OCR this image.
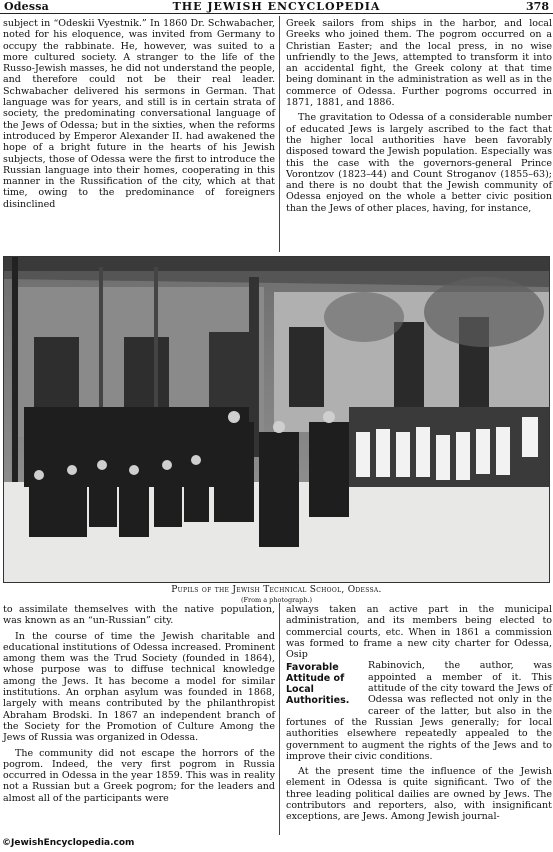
Odessa	THE JEWISH ENCYCLOPEDIA	378

subject in “Odeskii Vyestnik.” In 1860 Dr. Schwabacher, noted for his eloquence, was invited from Germany to occupy the rabbinate. He, however, was suited to a more cultured society. A stranger to the life of the Russo-Jewish masses, he did not understand the people, and therefore could not be their real leader. Schwabacher delivered his sermons in German. That language was for years, and still is in certain strata of society, the predominating conversational language of the Jews of Odessa; but in the sixties, when the reforms introduced by Emperor Alexander II. had awakened the hope of a bright future in the hearts of his Jewish subjects, those of Odessa were the first to introduce the Russian language into their homes, cooperating in this manner in the Russification of the city, which at that time, owing to the predominance of foreigners disinclined

Greek sailors from ships in the harbor, and local Greeks who joined them. The pogrom occurred on a Christian Easter; and the local press, in no wise unfriendly to the Jews, attempted to transform it into an accidental fight, the Greek colony at that time being dominant in the administration as well as in the commerce of Odessa. Further pogroms occurred in 1871, 1881, and 1886.

The gravitation to Odessa of a considerable number of educated Jews is largely ascribed to the fact that the higher local authorities have been favorably disposed toward the Jewish population. Especially was this the case with the governors-general Prince Vorontzov (1823–44) and Count Stroganov (1855–63); and there is no doubt that the Jewish community of Odessa enjoyed on the whole a better civic position than the Jews of other places, having, for instance,

Pupils of the Jewish Technical School, Odessa.
(From a photograph.)

to assimilate themselves with the native population, was known as an “un-Russian” city.

In the course of time the Jewish charitable and educational institutions of Odessa increased. Prominent among them was the Trud Society (founded in 1864), whose purpose was to diffuse technical knowledge among the Jews. It has become a model for similar institutions. An orphan asylum was founded in 1868, largely with means contributed by the philanthropist Abraham Brodski. In 1867 an independent branch of the Society for the Promotion of Culture Among the Jews of Russia was organized in Odessa.

The community did not escape the horrors of the pogrom. Indeed, the very first pogrom in Russia occurred in Odessa in the year 1859. This was in reality not a Russian but a Greek pogrom; for the leaders and almost all of the participants were

always taken an active part in the municipal administration, and its members being elected to commercial courts, etc. When in 1861 a commission was formed to frame a new city charter for Odessa, Osip

Favorable Attitude of Local Authorities.

Rabinovich, the author, was appointed a member of it. This attitude of the city toward the Jews of Odessa was reflected not only in the career of the latter, but also in the fortunes of the Russian Jews generally; for local authorities elsewhere repeatedly appealed to the government to augment the rights of the Jews and to improve their civic conditions.

At the present time the influence of the Jewish element in Odessa is quite significant. Two of the three leading political dailies are owned by Jews. The contributors and reporters, also, with insignificant exceptions, are Jews. Among Jewish journal-

©JewishEncyclopedia.com
